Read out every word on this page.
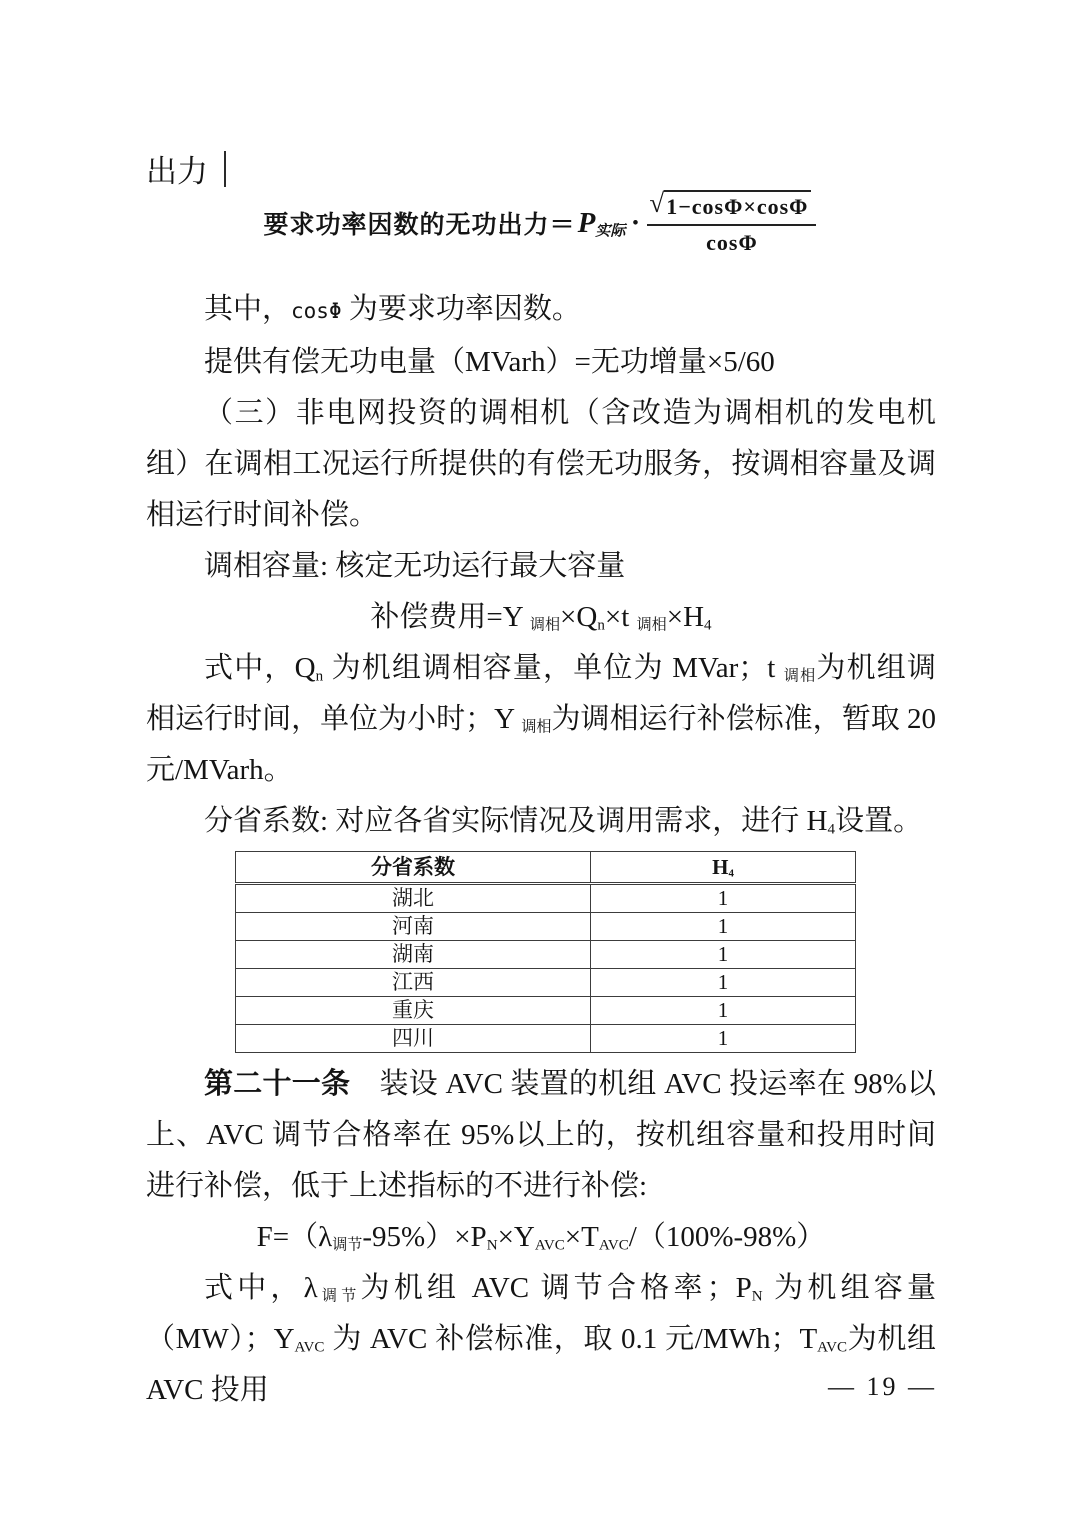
出力
要求功率因数的无功出力＝ $P_{实际}$ • $\frac{√ 1-\cos\Phi\times\cos\Phi}{\cos\Phi}$

其中，cosΦ 为要求功率因数。

提供有偿无功电量（MVarh）=无功增量×5/60

（三）非电网投资的调相机（含改造为调相机的发电机组）在调相工况运行所提供的有偿无功服务，按调相容量及调相运行时间补偿。

调相容量: 核定无功运行最大容量

补偿费用=Y $_{调相}\times Q_n\times t$ $_{调相}\times H_4$

式中，$Q_n$ 为机组调相容量，单位为 MVar；t $_{调相}$为机组调相运行时间，单位为小时；Y $_{调相}$为调相运行补偿标准，暂取 20 元/MVarh。

分省系数: 对应各省实际情况及调用需求，进行 $H_4$设置。

分省系数	$H_4$
湖北	1
河南	1
湖南	1
江西	1
重庆	1
四川	1

第二十一条　装设 AVC 装置的机组 AVC 投运率在 98%以上、AVC 调节合格率在 95%以上的，按机组容量和投用时间进行补偿，低于上述指标的不进行补偿:

$F=(\lambda_{调节}-95\%)\times P_N\times Y_{AVC}\times T_{AVC}/(100\%-98\%)$

式中，$\lambda_{调节}$为机组 AVC 调节合格率；$P_N$ 为机组容量（MW）；$Y_{AVC}$ 为 AVC 补偿标准，取 0.1 元/MWh；$T_{AVC}$为机组 AVC 投用	— 19 —
